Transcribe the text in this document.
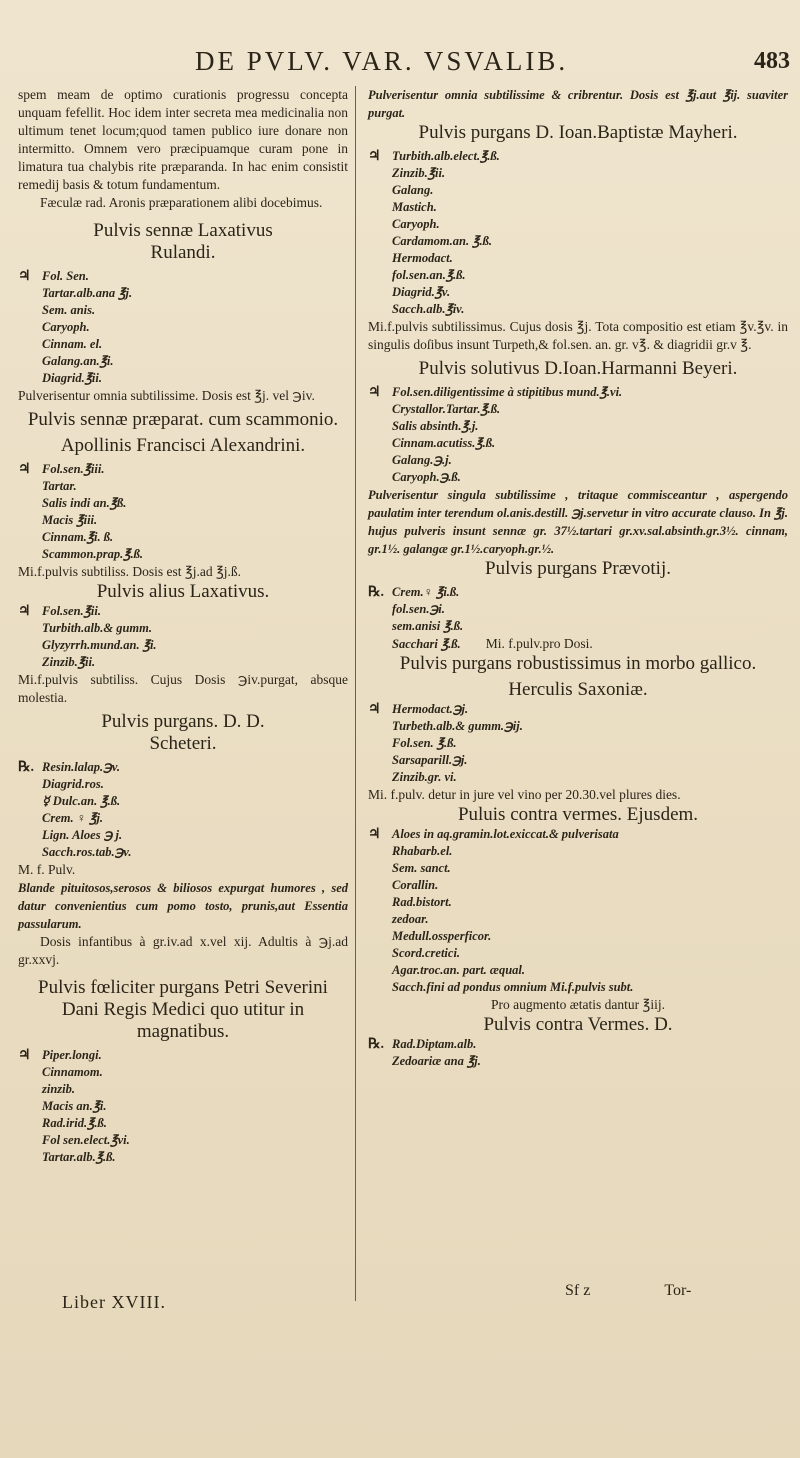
DE PVLV. VAR. VSVALIB.	483

spem meam de optimo curationis progressu concepta unquam fefellit. Hoc idem inter secreta mea medicinalia non ultimum tenet locum;quod tamen publico iure donare non intermitto. Omnem vero præcipuamque curam pone in limatura tua chalybis rite præparanda. In hac enim consistit remedij basis & totum fundamentum.

Fæculæ rad. Aronis præparationem alibi docebimus.

Pulvis sennæ Laxativus

Rulandi.

♃ Fol. Sen.

Tartar.alb.ana ℥j.

Sem. anis.

Caryoph.

Cinnam. el.

Galang.an.℥i.

Diagrid.℥ii.

Pulverisentur omnia subtilissime. Dosis est ℥j. vel ℈iv.

Pulvis sennæ præparat. cum scammonio.

Apollinis Francisci Alexandrini.

♃ Fol.sen.℥iii.

Tartar.

Salis indi an.℥ß.

Macis ℥iii.

Cinnam.℥i. ß.

Scammon.prap.℥.ß.

Mi.f.pulvis subtiliss. Dosis est ℥j.ad ℥j.ß.

Pulvis alius Laxativus.

♃ Fol.sen.℥ii.

Turbith.alb.& gumm.

Glyzyrrh.mund.an. ℥i.

Zinzib.℥ii.

Mi.f.pulvis subtiliss. Cujus Dosis ℈iv.purgat, absque molestia.

Pulvis purgans. D. D.

Scheteri.

℞. Resin.lalap.℈v.

Diagrid.ros.

☿ Dulc.an. ℥.ß.

Crem. ♀ ℥j.

Lign. Aloes ℈ j.

Sacch.ros.tab.℈v.

M. f. Pulv.

Blande pituitosos,serosos & biliosos expurgat humores , sed datur convenientius cum pomo tosto, prunis,aut Essentia passularum.

Dosis infantibus à gr.iv.ad x.vel xij. Adultis à ℈j.ad gr.xxvj.

Pulvis fœliciter purgans Petri Severini Dani Regis Medici quo utitur in magnatibus.

♃ Piper.longi.

Cinnamom.

zinzib.

Macis an.℥i.

Rad.irid.℥.ß.

Fol sen.elect.℥vi.

Tartar.alb.℥.ß.

Liber XVIII.

Pulverisentur omnia subtilissime & cribrentur. Dosis est ℥j.aut ℥ij. suaviter purgat.

Pulvis purgans D. Ioan.Baptistæ Mayheri.

♃ Turbith.alb.elect.℥.ß.

Zinzib.℥ii.

Galang.

Mastich.

Caryoph.

Cardamom.an. ℥.ß.

Hermodact.

fol.sen.an.℥.ß.

Diagrid.℥v.

Sacch.alb.℥iv.

Mi.f.pulvis subtilissimus. Cujus dosis ℥j. Tota compositio est etiam ℥v.℥v. in singulis doſibus insunt Turpeth,& fol.sen. an. gr. v℥. & diagridii gr.v ℥.

Pulvis solutivus D.Ioan.Harmanni Beyeri.

♃ Fol.sen.diligentissime à stipitibus mund.℥.vi.

Crystallor.Tartar.℥.ß.

Salis absinth.℥.j.

Cinnam.acutiss.℥.ß.

Galang.℈.j.

Caryoph.℈.ß.

Pulverisentur singula subtilissime , tritaque commisceantur , aspergendo paulatim inter terendum ol.anis.destill. ℈j.servetur in vitro accurate clauso. In ℥j. hujus pulveris insunt sennæ gr. 37½.tartari gr.xv.sal.absinth.gr.3½. cinnam, gr.1½. galangæ gr.1½.caryoph.gr.½.

Pulvis purgans Prævotij.

℞. Crem.♀ ℥i.ß.

fol.sen.℈i.

sem.anisi ℥.ß.

Sacchari ℥.ß. Mi. f.pulv.pro Dosi.

Pulvis purgans robustissimus in morbo gallico.

Herculis Saxoniæ.

♃ Hermodact.℈j.

Turbeth.alb.& gumm.℈ij.

Fol.sen. ℥.ß.

Sarsaparill.℈j.

Zinzib.gr. vi.

Mi. f.pulv. detur in jure vel vino per 20.30.vel plures dies.

Puluis contra vermes. Ejusdem.

♃ Aloes in aq.gramin.lot.exiccat.& pulverisata

Rhabarb.el.

Sem. sanct.

Corallin.

Rad.bistort.

zedoar.

Medull.ossperficor.

Scord.cretici.

Agar.troc.an. part. æqual.

Sacch.fini ad pondus omnium Mi.f.pulvis subt.

Pro augmento ætatis dantur ℥iij.

Pulvis contra Vermes. D.

℞. Rad.Diptam.alb.

Zedoariæ ana ℥j.

Sf z	Tor-
